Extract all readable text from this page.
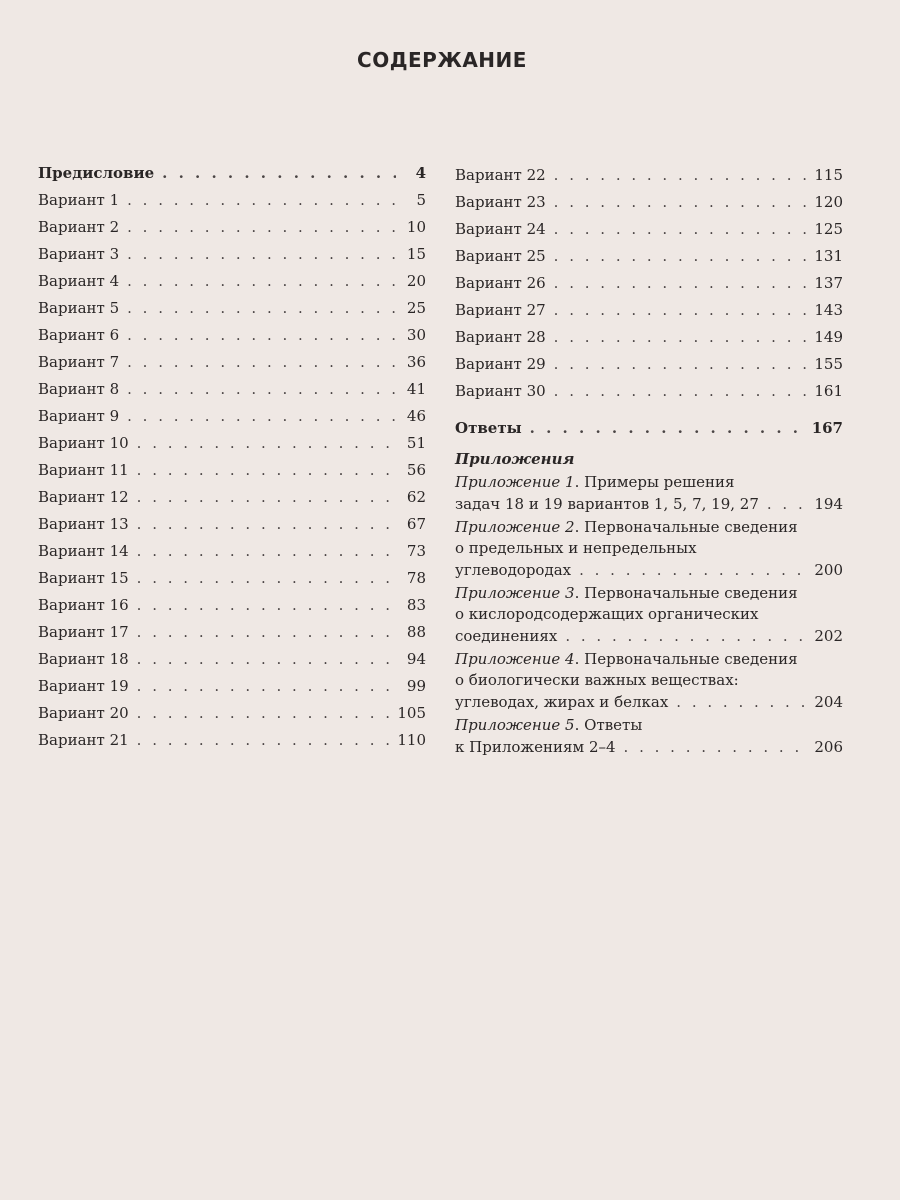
СОДЕРЖАНИЕ
Предисловие . . .	4
Вариант 1 . . .	5
Вариант 2 . . .	10
Вариант 3 . . .	15
Вариант 4 . . .	20
Вариант 5 . . .	25
Вариант 6 . . .	30
Вариант 7 . . .	36
Вариант 8 . . .	41
Вариант 9 . . .	46
Вариант 10 . . .	51
Вариант 11 . . .	56
Вариант 12 . . .	62
Вариант 13 . . .	67
Вариант 14 . . .	73
Вариант 15 . . .	78
Вариант 16 . . .	83
Вариант 17 . . .	88
Вариант 18 . . .	94
Вариант 19 . . .	99
Вариант 20 . . .	105
Вариант 21 . . .	110
Вариант 22 . . .	115
Вариант 23 . . .	120
Вариант 24 . . .	125
Вариант 25 . . .	131
Вариант 26 . . .	137
Вариант 27 . . .	143
Вариант 28 . . .	149
Вариант 29 . . .	155
Вариант 30 . . .	161
Ответы . . .	167
Приложения
Приложение 1. Примеры решения
задач 18 и 19 вариантов 1, 5, 7, 19, 27 . . .	194
Приложение 2. Первоначальные сведения
о предельных и непредельных
углеводородах . . .	200
Приложение 3. Первоначальные сведения
о кислородсодержащих органических
соединениях . . .	202
Приложение 4. Первоначальные сведения
о биологически важных веществах:
углеводах, жирах и белках . . .	204
Приложение 5. Ответы
к Приложениям 2–4 . . .	206
